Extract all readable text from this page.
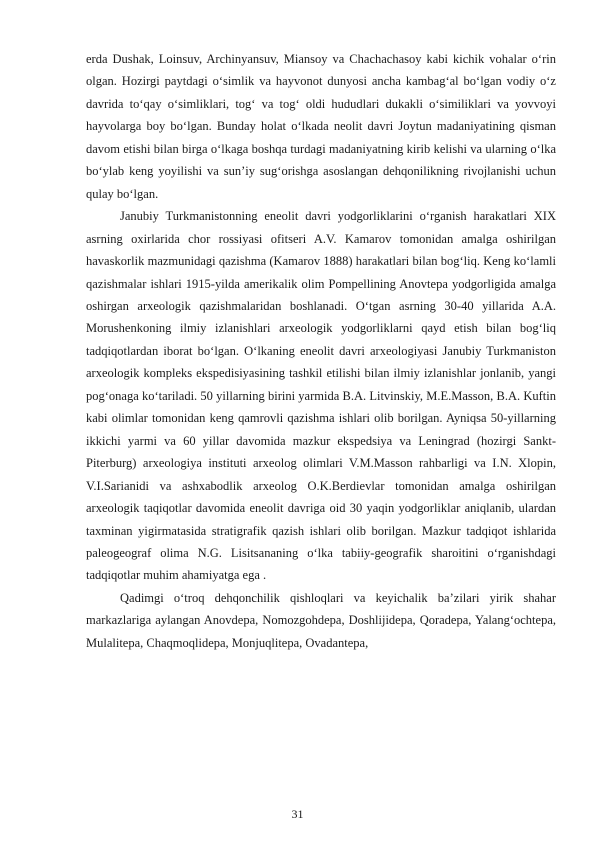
erda Dushak, Loinsuv, Archinyansuv, Miansoy va Chachachasoy kabi kichik vohalar o‘rin olgan. Hozirgi paytdagi o‘simlik va hayvonot dunyosi ancha kambag‘al bo‘lgan vodiy o‘z davrida to‘qay o‘simliklari, tog‘ va tog‘ oldi hududlari dukakli o‘similiklari va yovvoyi hayvolarga boy bo‘lgan. Bunday holat o‘lkada neolit davri Joytun madaniyatining qisman davom etishi bilan birga o‘lkaga boshqa turdagi madaniyatning kirib kelishi va ularning o‘lka bo‘ylab keng yoyilishi va sun’iy sug‘orishga asoslangan dehqonilikning rivojlanishi uchun qulay bo‘lgan.

Janubiy Turkmanistonning eneolit davri yodgorliklarini o‘rganish harakatlari XIX asrning oxirlarida chor rossiyasi ofitseri A.V. Kamarov tomonidan amalga oshirilgan havaskorlik mazmunidagi qazishma (Kamarov 1888) harakatlari bilan bog‘liq. Keng ko‘lamli qazishmalar ishlari 1915-yilda amerikalik olim Pompellining Anovtepa yodgorligida amalga oshirgan arxeologik qazishmalaridan boshlanadi. O‘tgan asrning 30-40 yillarida A.A. Morushenkoning ilmiy izlanishlari arxeologik yodgorliklarni qayd etish bilan bog‘liq tadqiqotlardan iborat bo‘lgan. O‘lkaning eneolit davri arxeologiyasi Janubiy Turkmaniston arxeologik kompleks ekspedisiyasining tashkil etilishi bilan ilmiy izlanishlar jonlanib, yangi pog‘onaga ko‘tariladi. 50 yillarning birini yarmida B.A. Litvinskiy, M.E.Masson, B.A. Kuftin kabi olimlar tomonidan keng qamrovli qazishma ishlari olib borilgan. Ayniqsa 50-yillarning ikkichi yarmi va 60 yillar davomida mazkur ekspedsiya va Leningrad (hozirgi Sankt-Piterburg) arxeologiya instituti arxeolog olimlari V.M.Masson rahbarligi va I.N. Xlopin, V.I.Sarianidi va ashxabodlik arxeolog O.K.Berdievlar tomonidan amalga oshirilgan arxeologik taqiqotlar davomida eneolit davriga oid 30 yaqin yodgorliklar aniqlanib, ulardan taxminan yigirmatasida stratigrafik qazish ishlari olib borilgan. Mazkur tadqiqot ishlarida paleogeograf olima N.G. Lisitsananing o‘lka tabiiy-geografik sharoitini o‘rganishdagi tadqiqotlar muhim ahamiyatga ega .

Qadimgi o‘troq dehqonchilik qishloqlari va keyichalik ba’zilari yirik shahar markazlariga aylangan Anovdepa, Nomozgohdepa, Doshlijidepa, Qoradepa, Yalang‘ochtepa, Mulalitepa, Chaqmoqlidepa, Monjuqlitepa, Ovadantepa,

31
